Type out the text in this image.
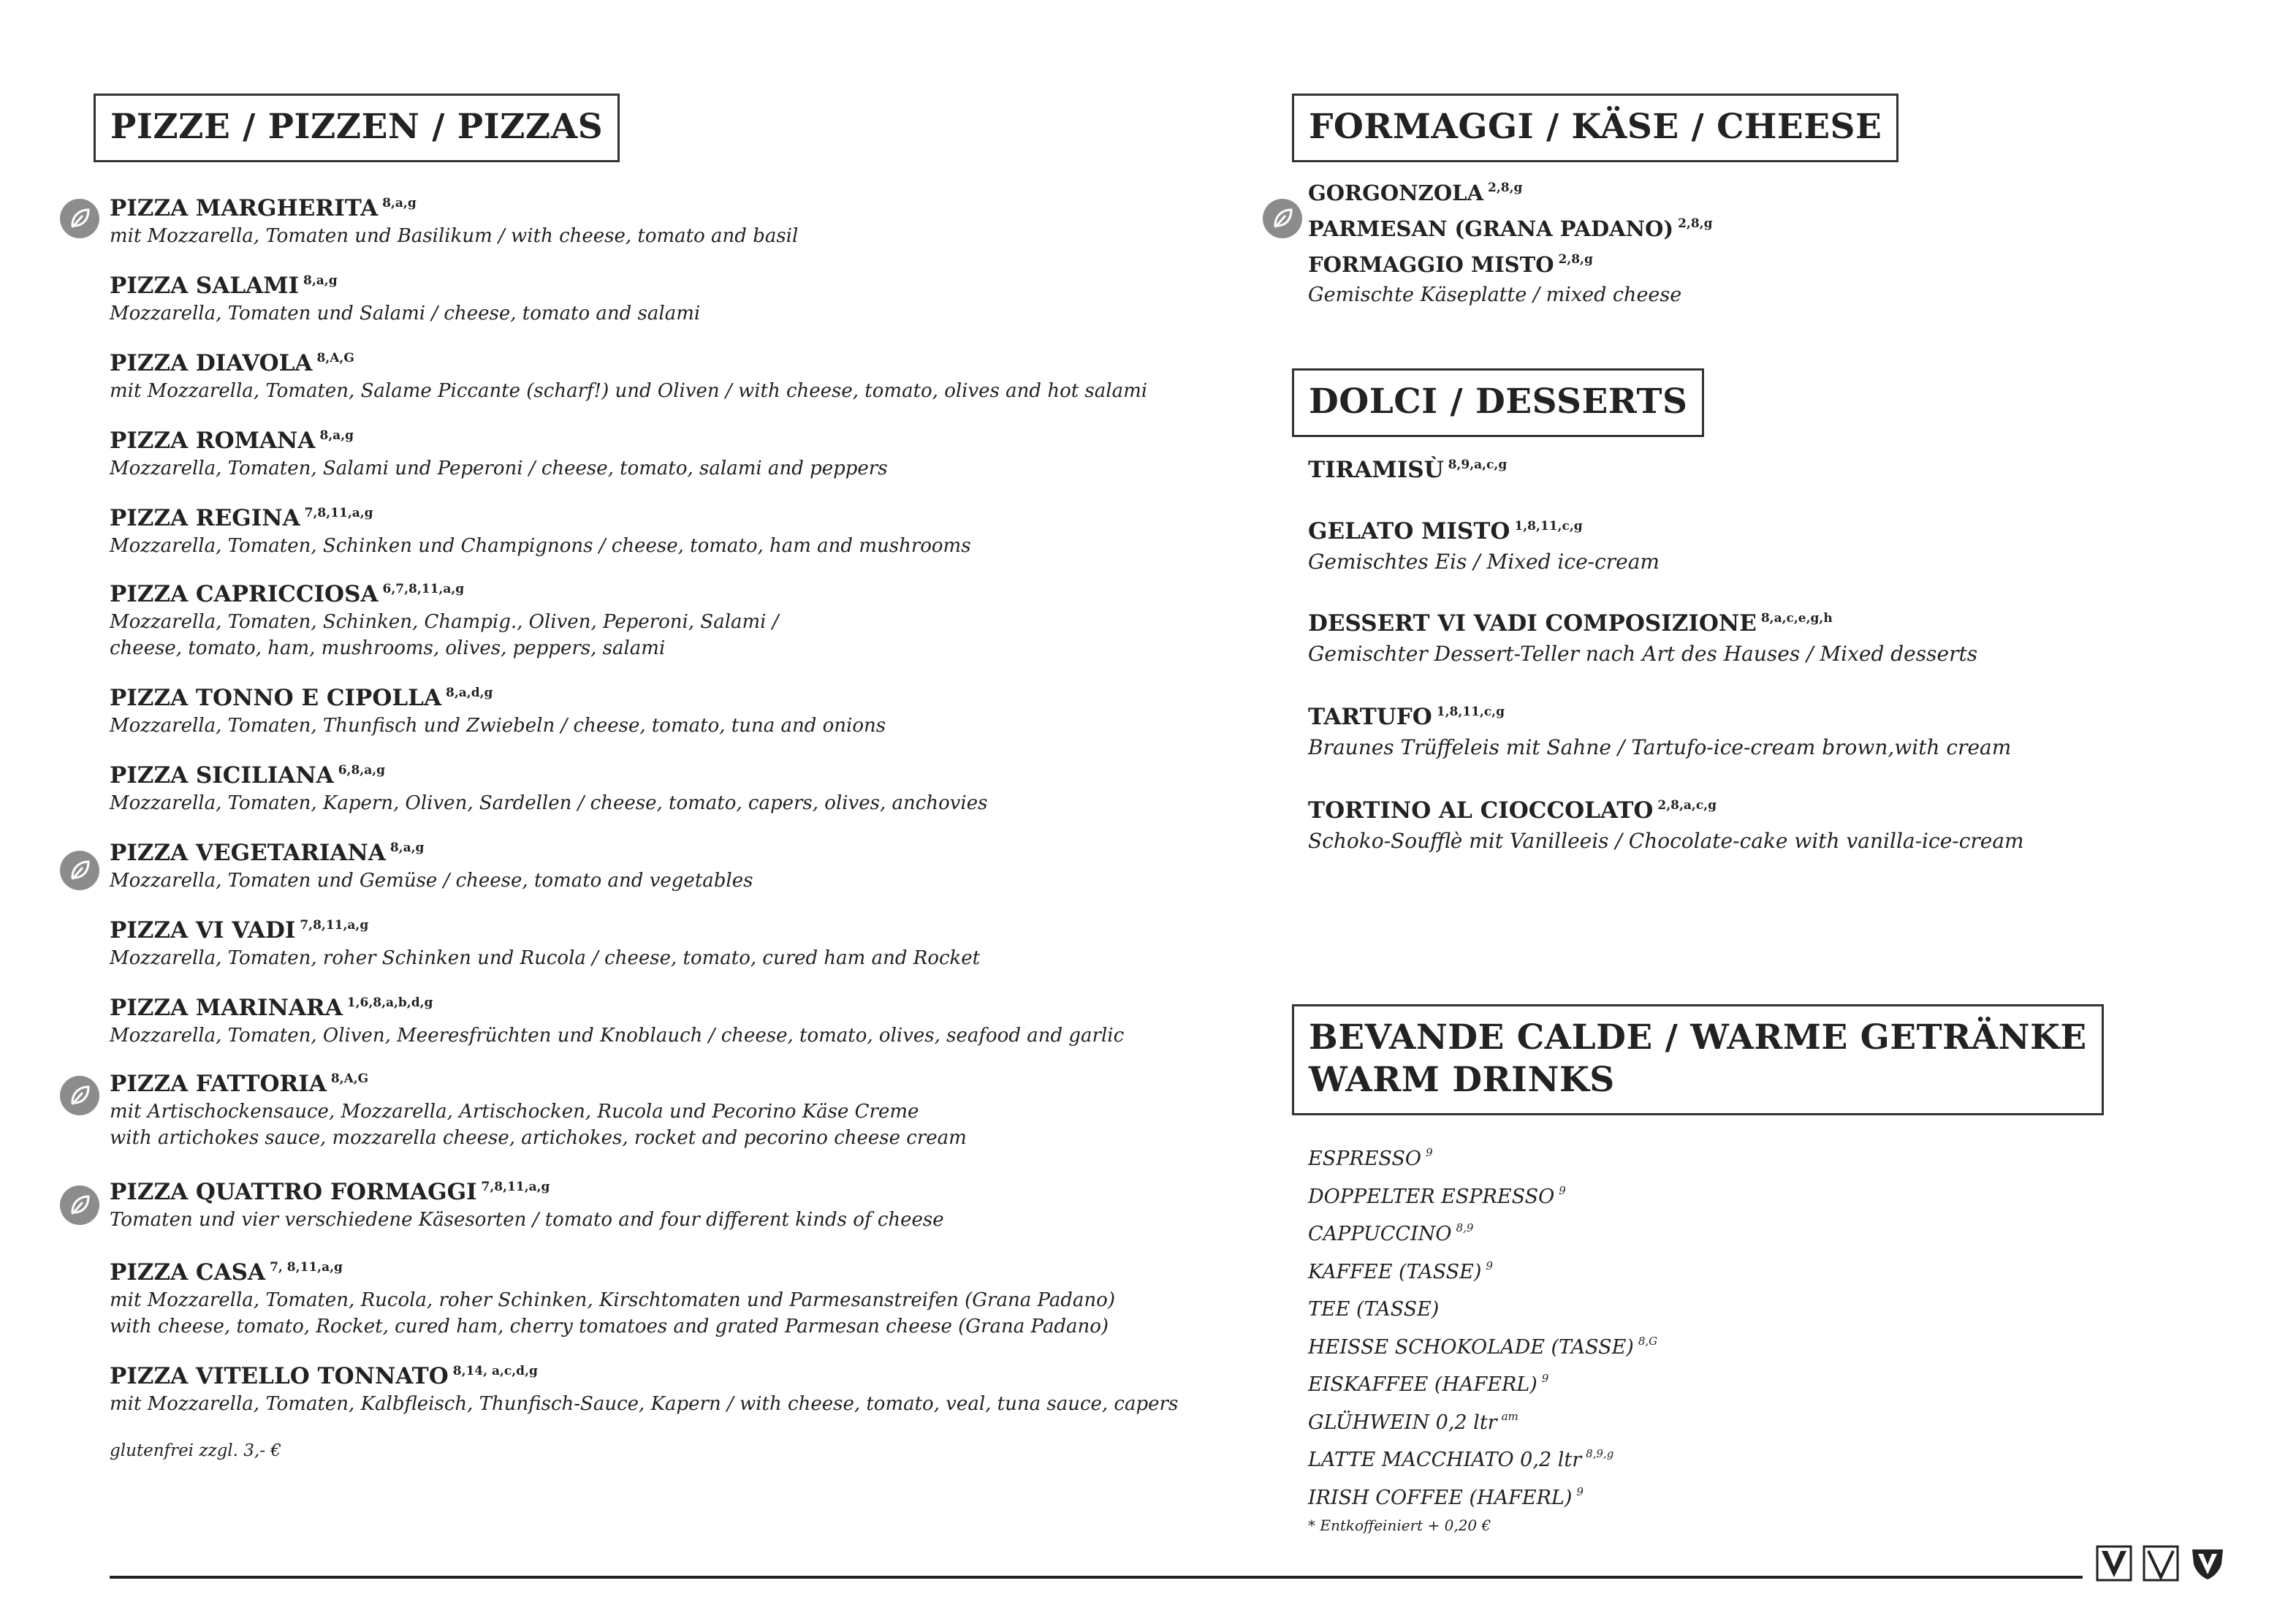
PIZZE / PIZZEN / PIZZAS
PIZZA MARGHERITA $^{8,a,g}$
mit Mozzarella, Tomaten und Basilikum / with cheese, tomato and basil
PIZZA SALAMI $^{8,a,g}$
Mozzarella, Tomaten und Salami / cheese, tomato and salami
PIZZA DIAVOLA $^{8,A,G}$
mit Mozzarella, Tomaten, Salame Piccante (scharf!) und Oliven / with cheese, tomato, olives and hot salami
PIZZA ROMANA $^{8,a,g}$
Mozzarella, Tomaten, Salami und Peperoni / cheese, tomato, salami and peppers
PIZZA REGINA $^{7,8,11,a,g}$
Mozzarella, Tomaten, Schinken und Champignons / cheese, tomato, ham and mushrooms
PIZZA CAPRICCIOSA $^{6,7,8,11,a,g}$
Mozzarella, Tomaten, Schinken, Champig., Oliven, Peperoni, Salami /
cheese, tomato, ham, mushrooms, olives, peppers, salami
PIZZA TONNO E CIPOLLA $^{8,a,d,g}$
Mozzarella, Tomaten, Thunfisch und Zwiebeln / cheese, tomato, tuna and onions
PIZZA SICILIANA $^{6,8,a,g}$
Mozzarella, Tomaten, Kapern, Oliven, Sardellen / cheese, tomato, capers, olives, anchovies
PIZZA VEGETARIANA $^{8,a,g}$
Mozzarella, Tomaten und Gemüse / cheese, tomato and vegetables
PIZZA VI VADI $^{7,8,11,a,g}$
Mozzarella, Tomaten, roher Schinken und Rucola / cheese, tomato, cured ham and Rocket
PIZZA MARINARA $^{1,6,8,a,b,d,g}$
Mozzarella, Tomaten, Oliven, Meeresfrüchten und Knoblauch / cheese, tomato, olives, seafood and garlic
PIZZA FATTORIA $^{8,A,G}$
mit Artischockensauce, Mozzarella, Artischocken, Rucola und Pecorino Käse Creme
with artichokes sauce, mozzarella cheese, artichokes, rocket and pecorino cheese cream
PIZZA QUATTRO FORMAGGI $^{7,8,11,a,g}$
Tomaten und vier verschiedene Käsesorten / tomato and four different kinds of cheese
PIZZA CASA $^{7, 8,11,a,g}$
mit Mozzarella, Tomaten, Rucola, roher Schinken, Kirschtomaten und Parmesanstreifen (Grana Padano)
with cheese, tomato, Rocket, cured ham, cherry tomatoes and grated Parmesan cheese (Grana Padano)
PIZZA VITELLO TONNATO $^{8,14, a,c,d,g}$
mit Mozzarella, Tomaten, Kalbfleisch, Thunfisch-Sauce, Kapern / with cheese, tomato, veal, tuna sauce, capers
glutenfrei zzgl. 3,- €
FORMAGGI / KÄSE / CHEESE
GORGONZOLA $^{2,8,g}$
PARMESAN (GRANA PADANO) $^{2,8,g}$
FORMAGGIO MISTO $^{2,8,g}$
Gemischte Käseplatte / mixed cheese
DOLCI / DESSERTS
TIRAMISÙ $^{8,9,a,c,g}$
GELATO MISTO $^{1,8,11,c,g}$
Gemischtes Eis / Mixed ice-cream
DESSERT VI VADI COMPOSIZIONE $^{8,a,c,e,g,h}$
Gemischter Dessert-Teller nach Art des Hauses / Mixed desserts
TARTUFO $^{1,8,11,c,g}$
Braunes Trüffeleis mit Sahne / Tartufo-ice-cream brown,with cream
TORTINO AL CIOCCOLATO $^{2,8,a,c,g}$
Schoko-Soufflè mit Vanilleeis / Chocolate-cake with vanilla-ice-cream
BEVANDE CALDE / WARME GETRÄNKE
WARM DRINKS
ESPRESSO $^9$
DOPPELTER ESPRESSO $^9$
CAPPUCCINO $^{8,9}$
KAFFEE (TASSE) $^9$
TEE (TASSE)
HEISSE SCHOKOLADE (TASSE) $^{8,G}$
EISKAFFEE (HAFERL) $^9$
GLÜHWEIN 0,2 ltr $^{am}$
LATTE MACCHIATO 0,2 ltr $^{8,9,g}$
IRISH COFFEE (HAFERL) $^9$
* Entkoffeiniert + 0,20 €
